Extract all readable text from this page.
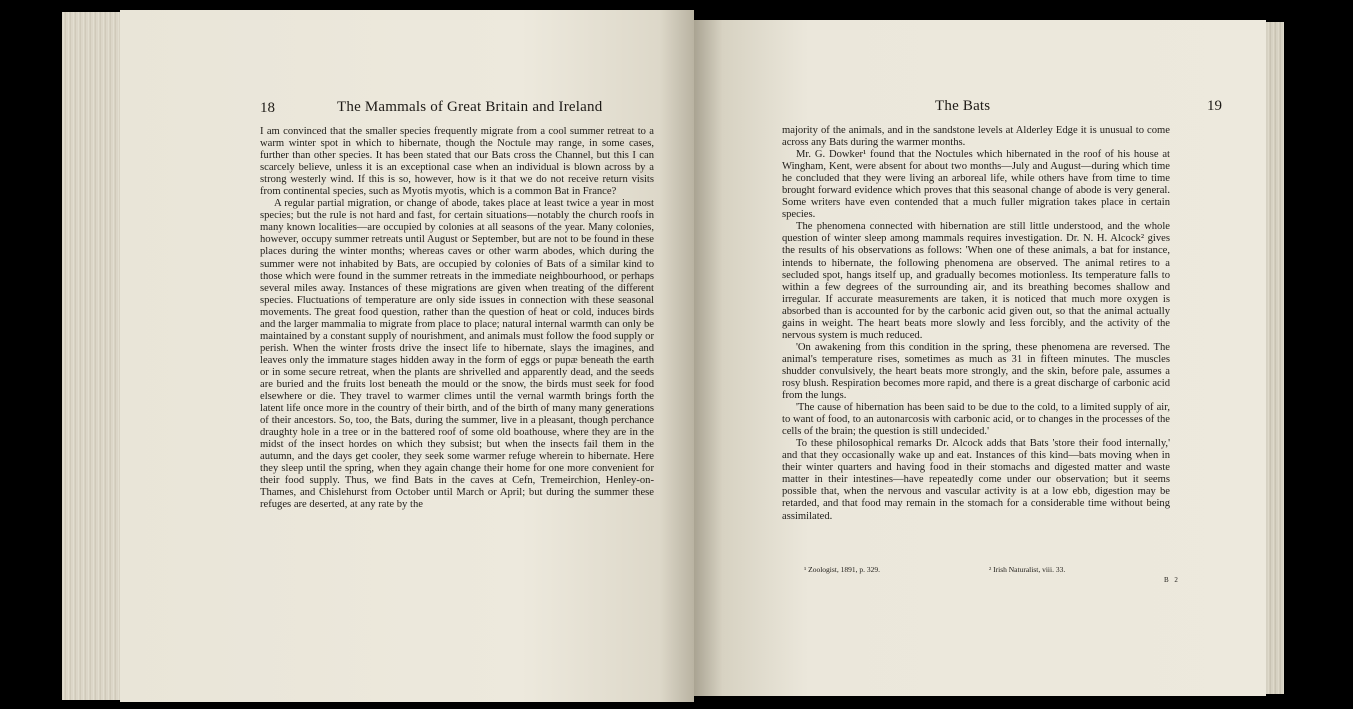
18	The Mammals of Great Britain and Ireland

I am convinced that the smaller species frequently migrate from a cool summer retreat to a warm winter spot in which to hibernate, though the Noctule may range, in some cases, further than other species. It has been stated that our Bats cross the Channel, but this I can scarcely believe, unless it is an exceptional case when an individual is blown across by a strong westerly wind. If this is so, however, how is it that we do not receive return visits from continental species, such as Myotis myotis, which is a common Bat in France?

A regular partial migration, or change of abode, takes place at least twice a year in most species; but the rule is not hard and fast, for certain situations—notably the church roofs in many known localities—are occupied by colonies at all seasons of the year. Many colonies, however, occupy summer retreats until August or September, but are not to be found in these places during the winter months; whereas caves or other warm abodes, which during the summer were not inhabited by Bats, are occupied by colonies of Bats of a similar kind to those which were found in the summer retreats in the immediate neighbourhood, or perhaps several miles away. Instances of these migrations are given when treating of the different species. Fluctuations of temperature are only side issues in connection with these seasonal movements. The great food question, rather than the question of heat or cold, induces birds and the larger mammalia to migrate from place to place; natural internal warmth can only be maintained by a constant supply of nourishment, and animals must follow the food supply or perish. When the winter frosts drive the insect life to hibernate, slays the imagines, and leaves only the immature stages hidden away in the form of eggs or pupæ beneath the earth or in some secure retreat, when the plants are shrivelled and apparently dead, and the seeds are buried and the fruits lost beneath the mould or the snow, the birds must seek for food elsewhere or die. They travel to warmer climes until the vernal warmth brings forth the latent life once more in the country of their birth, and of the birth of many many generations of their ancestors. So, too, the Bats, during the summer, live in a pleasant, though perchance draughty hole in a tree or in the battered roof of some old boathouse, where they are in the midst of the insect hordes on which they subsist; but when the insects fail them in the autumn, and the days get cooler, they seek some warmer refuge wherein to hibernate. Here they sleep until the spring, when they again change their home for one more convenient for their food supply. Thus, we find Bats in the caves at Cefn, Tremeirchion, Henley-on-Thames, and Chislehurst from October until March or April; but during the summer these refuges are deserted, at any rate by the

The Bats	19

majority of the animals, and in the sandstone levels at Alderley Edge it is unusual to come across any Bats during the warmer months.

Mr. G. Dowker¹ found that the Noctules which hibernated in the roof of his house at Wingham, Kent, were absent for about two months—July and August—during which time he concluded that they were living an arboreal life, while others have from time to time brought forward evidence which proves that this seasonal change of abode is very general. Some writers have even contended that a much fuller migration takes place in certain species.

The phenomena connected with hibernation are still little understood, and the whole question of winter sleep among mammals requires investigation. Dr. N. H. Alcock² gives the results of his observations as follows: 'When one of these animals, a bat for instance, intends to hibernate, the following phenomena are observed. The animal retires to a secluded spot, hangs itself up, and gradually becomes motionless. Its temperature falls to within a few degrees of the surrounding air, and its breathing becomes shallow and irregular. If accurate measurements are taken, it is noticed that much more oxygen is absorbed than is accounted for by the carbonic acid given out, so that the animal actually gains in weight. The heart beats more slowly and less forcibly, and the activity of the nervous system is much reduced.

'On awakening from this condition in the spring, these phenomena are reversed. The animal's temperature rises, sometimes as much as 31 in fifteen minutes. The muscles shudder convulsively, the heart beats more strongly, and the skin, before pale, assumes a rosy blush. Respiration becomes more rapid, and there is a great discharge of carbonic acid from the lungs.

'The cause of hibernation has been said to be due to the cold, to a limited supply of air, to want of food, to an autonarcosis with carbonic acid, or to changes in the processes of the cells of the brain; the question is still undecided.'

To these philosophical remarks Dr. Alcock adds that Bats 'store their food internally,' and that they occasionally wake up and eat. Instances of this kind—bats moving when in their winter quarters and having food in their stomachs and digested matter and waste matter in their intestines—have repeatedly come under our observation; but it seems possible that, when the nervous and vascular activity is at a low ebb, digestion may be retarded, and that food may remain in the stomach for a considerable time without being assimilated.

¹ Zoologist, 1891, p. 329.	² Irish Naturalist, viii. 33.
B 2
